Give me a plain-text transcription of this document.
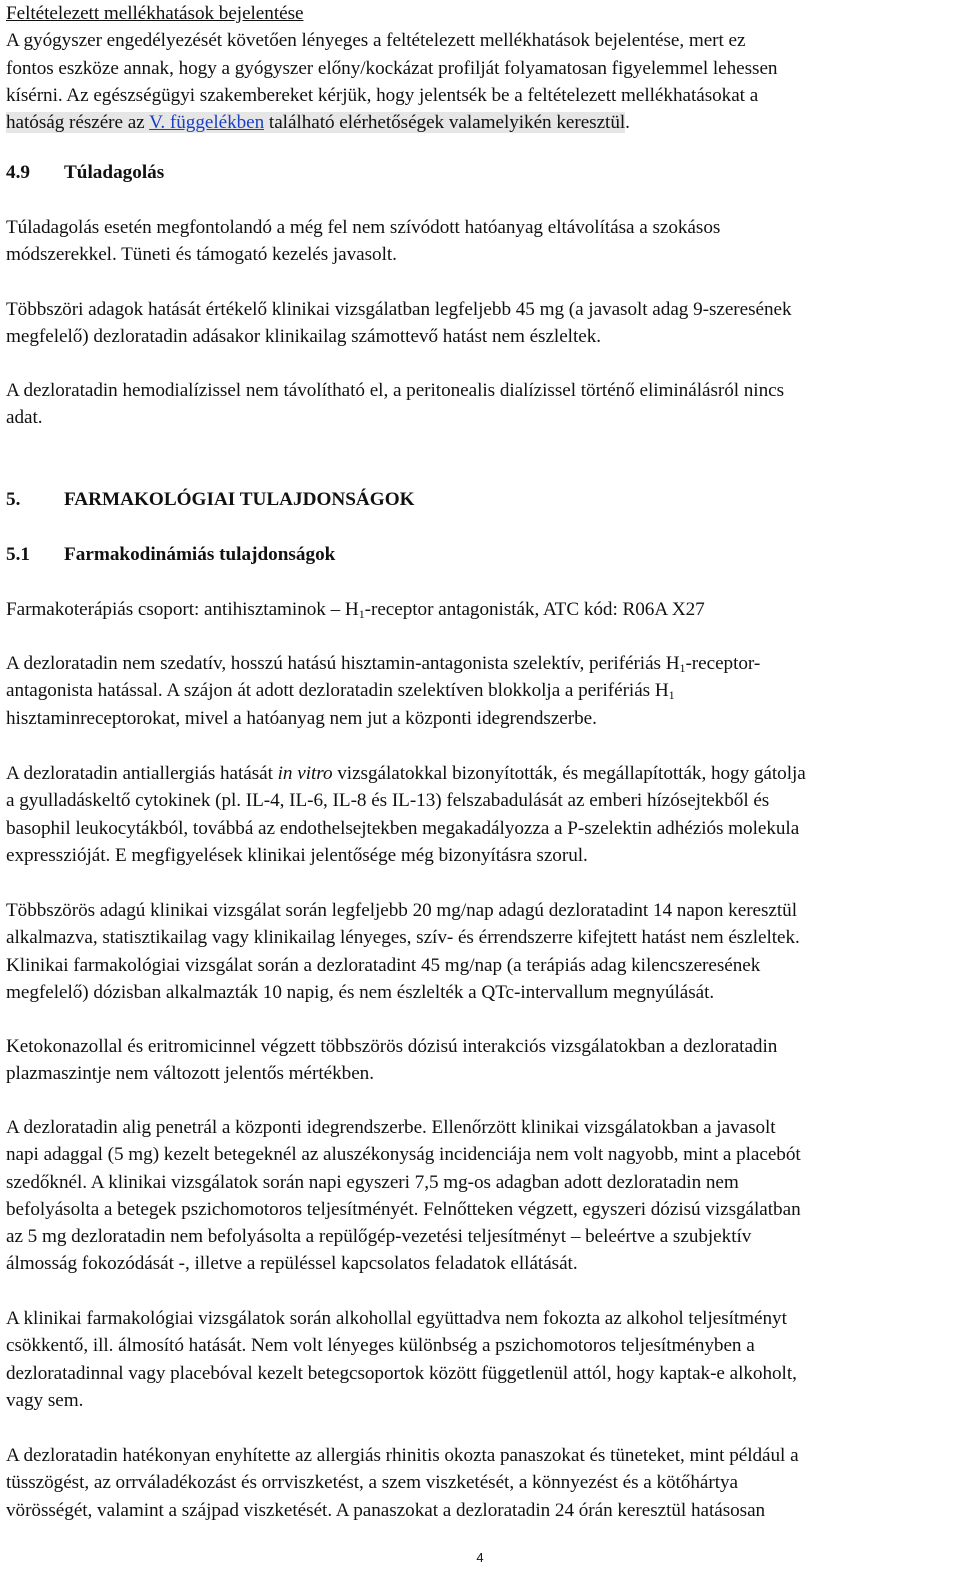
Feltételezett mellékhatások bejelentése
A gyógyszer engedélyezését követően lényeges a feltételezett mellékhatások bejelentése, mert ez
fontos eszköze annak, hogy a gyógyszer előny/kockázat profilját folyamatosan figyelemmel lehessen
kísérni. Az egészségügyi szakembereket kérjük, hogy jelentsék be a feltételezett mellékhatásokat a
hatóság részére az V. függelékben található elérhetőségek valamelyikén keresztül.
4.9 Túladagolás
Túladagolás esetén megfontolandó a még fel nem szívódott hatóanyag eltávolítása a szokásos
módszerekkel. Tüneti és támogató kezelés javasolt.
Többszöri adagok hatását értékelő klinikai vizsgálatban legfeljebb 45 mg (a javasolt adag 9-szeresének
megfelelő) dezloratadin adásakor klinikailag számottevő hatást nem észleltek.
A dezloratadin hemodialízissel nem távolítható el, a peritonealis dialízissel történő eliminálásról nincs
adat.
5. FARMAKOLÓGIAI TULAJDONSÁGOK
5.1 Farmakodinámiás tulajdonságok
Farmakoterápiás csoport: antihisztaminok – $H_1$-receptor antagonisták, ATC kód: R06A X27
A dezloratadin nem szedatív, hosszú hatású hisztamin-antagonista szelektív, perifériás $H_1-receptor-$
antagonista hatással. A szájon át adott dezloratadin szelektíven blokkolja a perifériás $H_1$
hisztaminreceptorokat, mivel a hatóanyag nem jut a központi idegrendszerbe.
A dezloratadin antiallergiás hatását in vitro vizsgálatokkal bizonyították, és megállapították, hogy gátolja
a gyulladáskeltő cytokinek (pl. IL-4, IL-6, IL-8 és IL-13) felszabadulását az emberi hízósejtekből és
basophil leukocytákból, továbbá az endothelsejtekben megakadályozza a P-szelektin adhéziós molekula
expresszióját. E megfigyelések klinikai jelentősége még bizonyításra szorul.
Többszörös adagú klinikai vizsgálat során legfeljebb 20 mg/nap adagú dezloratadint 14 napon keresztül
alkalmazva, statisztikailag vagy klinikailag lényeges, szív- és érrendszerre kifejtett hatást nem észleltek.
Klinikai farmakológiai vizsgálat során a dezloratadint 45 mg/nap (a terápiás adag kilencszeresének
megfelelő) dózisban alkalmazták 10 napig, és nem észlelték a QTc-intervallum megnyúlását.
Ketokonazollal és eritromicinnel végzett többszörös dózisú interakciós vizsgálatokban a dezloratadin
plazmaszintje nem változott jelentős mértékben.
A dezloratadin alig penetrál a központi idegrendszerbe. Ellenőrzött klinikai vizsgálatokban a javasolt
napi adaggal (5 mg) kezelt betegeknél az aluszékonyság incidenciája nem volt nagyobb, mint a placebót
szedőknél. A klinikai vizsgálatok során napi egyszeri 7,5 mg-os adagban adott dezloratadin nem
befolyásolta a betegek pszichomotoros teljesítményét. Felnőtteken végzett, egyszeri dózisú vizsgálatban
az 5 mg dezloratadin nem befolyásolta a repülőgép-vezetési teljesítményt – beleértve a szubjektív
álmosság fokozódását -, illetve a repüléssel kapcsolatos feladatok ellátását.
A klinikai farmakológiai vizsgálatok során alkohollal együttadva nem fokozta az alkohol teljesítményt
csökkentő, ill. álmosító hatását. Nem volt lényeges különbség a pszichomotoros teljesítményben a
dezloratadinnal vagy placebóval kezelt betegcsoportok között függetlenül attól, hogy kaptak-e alkoholt,
vagy sem.
A dezloratadin hatékonyan enyhítette az allergiás rhinitis okozta panaszokat és tüneteket, mint például a
tüsszögést, az orrváladékozást és orrviszketést, a szem viszketését, a könnyezést és a kötőhártya
vörösségét, valamint a szájpad viszketését. A panaszokat a dezloratadin 24 órán keresztül hatásosan
4
